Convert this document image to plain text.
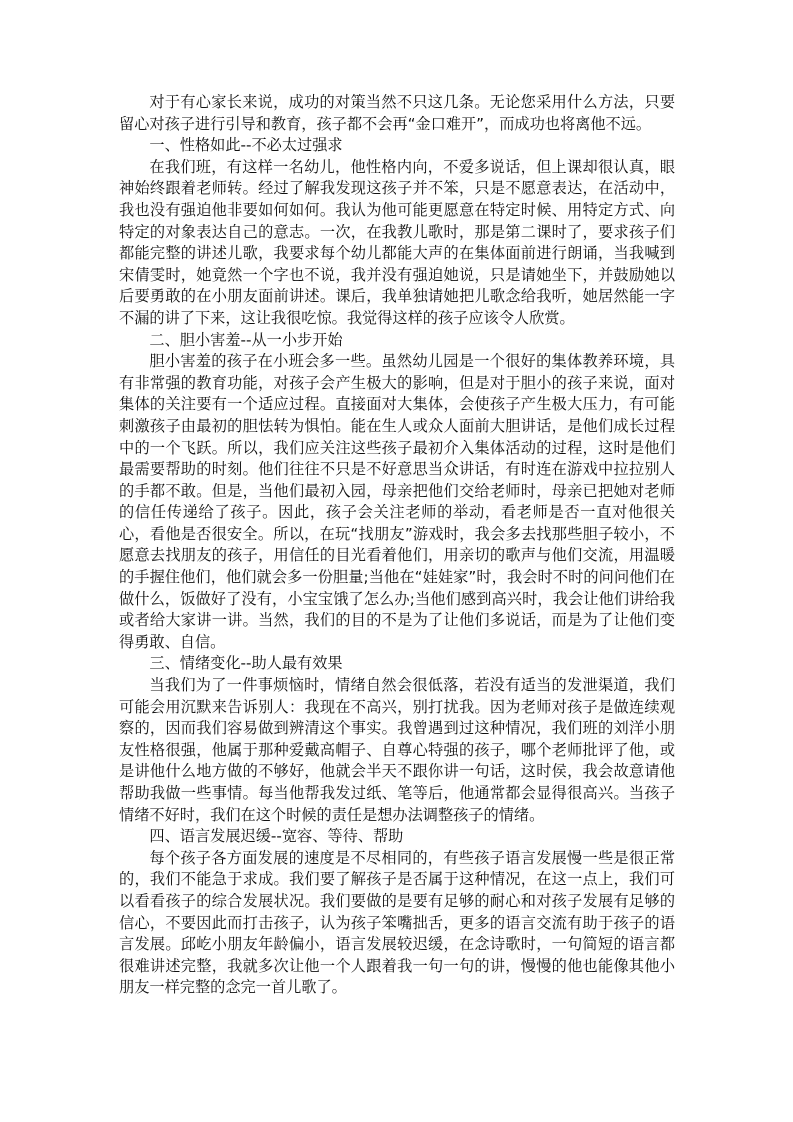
对于有心家长来说，成功的对策当然不只这几条。无论您采用什么方法，只要留心对孩子进行引导和教育，孩子都不会再“金口难开”，而成功也将离他不远。

一、性格如此--不必太过强求

在我们班，有这样一名幼儿，他性格内向，不爱多说话，但上课却很认真，眼神始终跟着老师转。经过了解我发现这孩子并不笨，只是不愿意表达，在活动中，我也没有强迫他非要如何如何。我认为他可能更愿意在特定时候、用特定方式、向特定的对象表达自己的意志。一次，在我教儿歌时，那是第二课时了，要求孩子们都能完整的讲述儿歌，我要求每个幼儿都能大声的在集体面前进行朗诵，当我喊到宋倩雯时，她竟然一个字也不说，我并没有强迫她说，只是请她坐下，并鼓励她以后要勇敢的在小朋友面前讲述。课后，我单独请她把儿歌念给我听，她居然能一字不漏的讲了下来，这让我很吃惊。我觉得这样的孩子应该令人欣赏。

二、胆小害羞--从一小步开始

胆小害羞的孩子在小班会多一些。虽然幼儿园是一个很好的集体教养环境，具有非常强的教育功能，对孩子会产生极大的影响，但是对于胆小的孩子来说，面对集体的关注要有一个适应过程。直接面对大集体，会使孩子产生极大压力，有可能刺激孩子由最初的胆怯转为惧怕。能在生人或众人面前大胆讲话，是他们成长过程中的一个飞跃。所以，我们应关注这些孩子最初介入集体活动的过程，这时是他们最需要帮助的时刻。他们往往不只是不好意思当众讲话，有时连在游戏中拉拉别人的手都不敢。但是，当他们最初入园，母亲把他们交给老师时，母亲已把她对老师的信任传递给了孩子。因此，孩子会关注老师的举动，看老师是否一直对他很关心，看他是否很安全。所以，在玩“找朋友”游戏时，我会多去找那些胆子较小，不愿意去找朋友的孩子，用信任的目光看着他们，用亲切的歌声与他们交流，用温暖的手握住他们，他们就会多一份胆量;当他在“娃娃家”时，我会时不时的问问他们在做什么，饭做好了没有，小宝宝饿了怎么办;当他们感到高兴时，我会让他们讲给我或者给大家讲一讲。当然，我们的目的不是为了让他们多说话，而是为了让他们变得勇敢、自信。

三、情绪变化--助人最有效果

当我们为了一件事烦恼时，情绪自然会很低落，若没有适当的发泄渠道，我们可能会用沉默来告诉别人：我现在不高兴，别打扰我。因为老师对孩子是做连续观察的，因而我们容易做到辨清这个事实。我曾遇到过这种情况，我们班的刘洋小朋友性格很强，他属于那种爱戴高帽子、自尊心特强的孩子，哪个老师批评了他，或是讲他什么地方做的不够好，他就会半天不跟你讲一句话，这时侯，我会故意请他帮助我做一些事情。每当他帮我发过纸、笔等后，他通常都会显得很高兴。当孩子情绪不好时，我们在这个时候的责任是想办法调整孩子的情绪。

四、语言发展迟缓--宽容、等待、帮助

每个孩子各方面发展的速度是不尽相同的，有些孩子语言发展慢一些是很正常的，我们不能急于求成。我们要了解孩子是否属于这种情况，在这一点上，我们可以看看孩子的综合发展状况。我们要做的是要有足够的耐心和对孩子发展有足够的信心，不要因此而打击孩子，认为孩子笨嘴拙舌，更多的语言交流有助于孩子的语言发展。邱屹小朋友年龄偏小，语言发展较迟缓，在念诗歌时，一句简短的语言都很难讲述完整，我就多次让他一个人跟着我一句一句的讲，慢慢的他也能像其他小朋友一样完整的念完一首儿歌了。
